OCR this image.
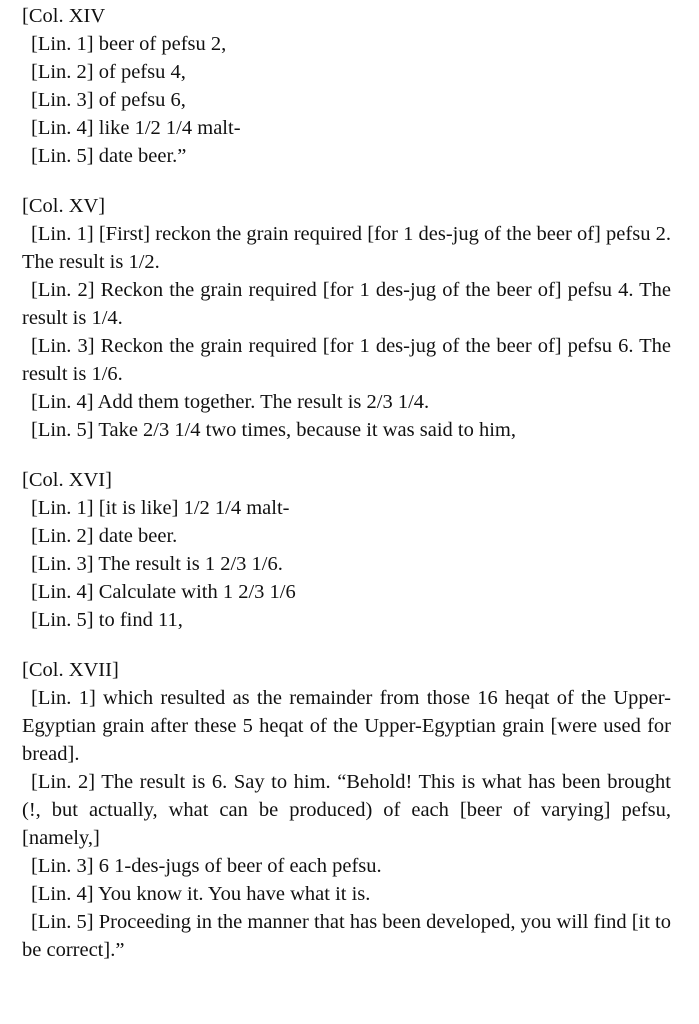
[Col. XIV

[Lin. 1] beer of pefsu 2,

[Lin. 2] of pefsu 4,

[Lin. 3] of pefsu 6,

[Lin. 4] like 1/2 1/4 malt-

[Lin. 5] date beer.”

[Col. XV]

[Lin. 1] [First] reckon the grain required [for 1 des-jug of the beer of] pefsu 2. The result is 1/2.

[Lin. 2] Reckon the grain required [for 1 des-jug of the beer of] pefsu 4. The result is 1/4.

[Lin. 3] Reckon the grain required [for 1 des-jug of the beer of] pefsu 6. The result is 1/6.

[Lin. 4] Add them together. The result is 2/3 1/4.

[Lin. 5] Take 2/3 1/4 two times, because it was said to him,

[Col. XVI]

[Lin. 1] [it is like] 1/2 1/4 malt-

[Lin. 2] date beer.

[Lin. 3] The result is 1 2/3 1/6.

[Lin. 4] Calculate with 1 2/3 1/6

[Lin. 5] to find 11,

[Col. XVII]

[Lin. 1] which resulted as the remainder from those 16 heqat of the Upper-Egyptian grain after these 5 heqat of the Upper-Egyptian grain [were used for bread].

[Lin. 2] The result is 6. Say to him. “Behold! This is what has been brought (!, but actually, what can be produced) of each [beer of varying] pefsu, [namely,]

[Lin. 3] 6 1-des-jugs of beer of each pefsu.

[Lin. 4] You know it. You have what it is.

[Lin. 5] Proceeding in the manner that has been developed, you will find [it to be correct].”
